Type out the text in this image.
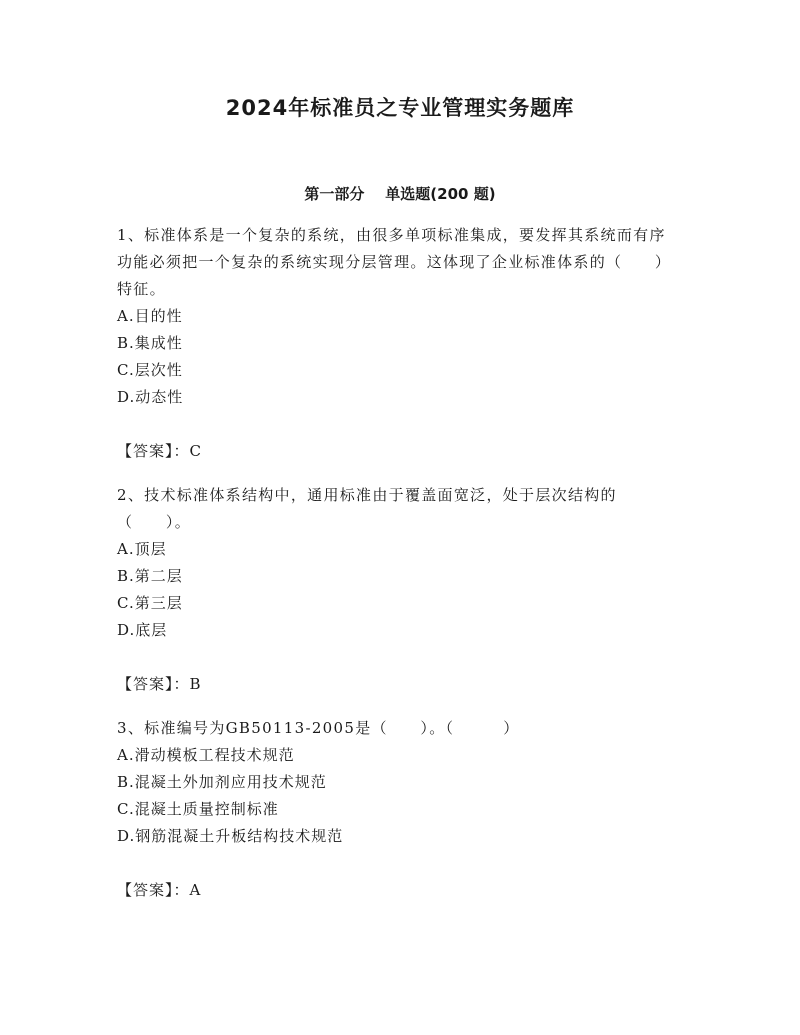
2024年标准员之专业管理实务题库
第一部分    单选题(200 题)

1、标准体系是一个复杂的系统，由很多单项标准集成，要发挥其系统而有序功能必须把一个复杂的系统实现分层管理。这体现了企业标准体系的（　　）特征。

A.目的性

B.集成性

C.层次性

D.动态性

【答案】：C

2、技术标准体系结构中，通用标准由于覆盖面宽泛，处于层次结构的（　　）。

A.顶层

B.第二层

C.第三层

D.底层

【答案】：B

3、标准编号为GB50113-2005是（　　）。（　　　）

A.滑动模板工程技术规范

B.混凝土外加剂应用技术规范

C.混凝土质量控制标准

D.钢筋混凝土升板结构技术规范

【答案】：A
